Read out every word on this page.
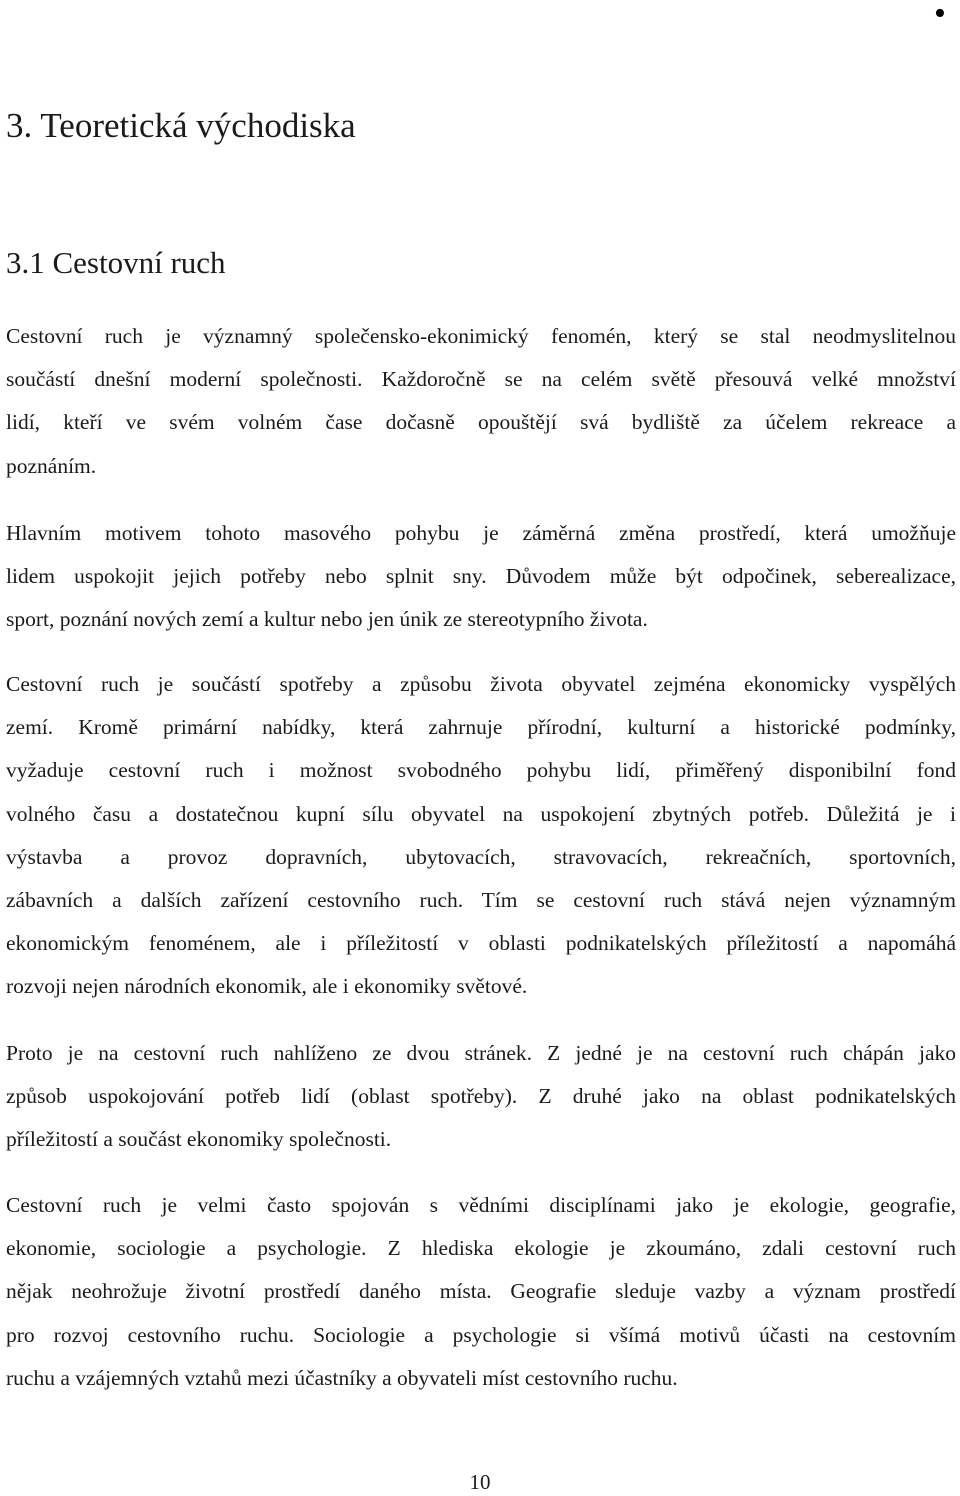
•
3. Teoretická východiska
3.1 Cestovní ruch
Cestovní ruch je významný společensko-ekonimický fenomén, který se stal neodmyslitelnou
součástí dnešní moderní společnosti. Každoročně se na celém světě přesouvá velké množství
lidí, kteří ve svém volném čase dočasně opouštějí svá bydliště za účelem rekreace a
poznáním.
Hlavním motivem tohoto masového pohybu je záměrná změna prostředí, která umožňuje
lidem uspokojit jejich potřeby nebo splnit sny. Důvodem může být odpočinek, seberealizace,
sport, poznání nových zemí a kultur nebo jen únik ze stereotypního života.
Cestovní ruch je součástí spotřeby a způsobu života obyvatel zejména ekonomicky vyspělých
zemí. Kromě primární nabídky, která zahrnuje přírodní, kulturní a historické podmínky,
vyžaduje cestovní ruch i možnost svobodného pohybu lidí, přiměřený disponibilní fond
volného času a dostatečnou kupní sílu obyvatel na uspokojení zbytných potřeb. Důležitá je i
výstavba a provoz dopravních, ubytovacích, stravovacích, rekreačních, sportovních,
zábavních a dalších zařízení cestovního ruch. Tím se cestovní ruch stává nejen významným
ekonomickým fenoménem, ale i příležitostí v oblasti podnikatelských příležitostí a napomáhá
rozvoji nejen národních ekonomik, ale i ekonomiky světové.
Proto je na cestovní ruch nahlíženo ze dvou stránek. Z jedné je na cestovní ruch chápán jako
způsob uspokojování potřeb lidí (oblast spotřeby). Z druhé jako na oblast podnikatelských
příležitostí a součást ekonomiky společnosti.
Cestovní ruch je velmi často spojován s vědními disciplínami jako je ekologie, geografie,
ekonomie, sociologie a psychologie. Z hlediska ekologie je zkoumáno, zdali cestovní ruch
nějak neohrožuje životní prostředí daného místa. Geografie sleduje vazby a význam prostředí
pro rozvoj cestovního ruchu. Sociologie a psychologie si všímá motivů účasti na cestovním
ruchu a vzájemných vztahů mezi účastníky a obyvateli míst cestovního ruchu.
10
